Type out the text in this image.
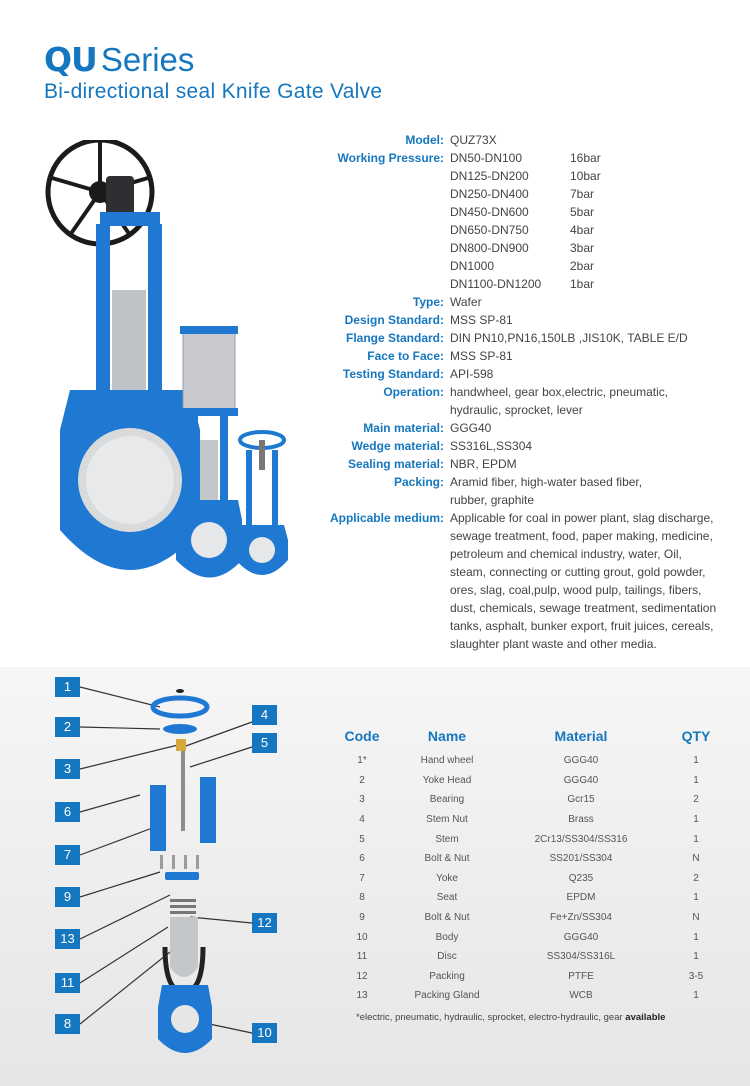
QU Series
Bi-directional seal Knife Gate Valve
Model: QUZ73X
Working Pressure: DN50-DN100	16bar
DN125-DN200	10bar
DN250-DN400	7bar
DN450-DN600	5bar
DN650-DN750	4bar
DN800-DN900	3bar
DN1000	2bar
DN1100-DN1200 1bar
Type: Wafer
Design Standard: MSS SP-81
Flange Standard: DIN PN10,PN16,150LB ,JIS10K, TABLE E/D
Face to Face: MSS SP-81
Testing Standard: API-598
Operation: handwheel, gear box,electric, pneumatic,
hydraulic, sprocket, lever
Main material: GGG40
Wedge material: SS316L,SS304
Sealing material: NBR, EPDM
Packing: Aramid fiber, high-water based fiber,
rubber, graphite
Applicable medium: Applicable for coal in power plant, slag discharge,
sewage treatment, food, paper making, medicine,
petroleum and chemical industry, water, Oil,
steam, connecting or cutting grout, gold powder,
ores, slag, coal,pulp, wood pulp, tailings, fibers,
dust, chemicals, sewage treatment, sedimentation
tanks, asphalt, bunker export, fruit juices, cereals,
slaughter plant waste and other media.
1
2
3
4
5
6
7
9
13
12
11
8
10
Code	Name	Material	QTY
1*	Hand wheel	GGG40	1
2	Yoke Head	GGG40	1
3	Bearing	Gcr15	2
4	Stem Nut	Brass	1
5	Stem	2Cr13/SS304/SS316	1
6	Bolt & Nut	SS201/SS304	N
7	Yoke	Q235	2
8	Seat	EPDM	1
9	Bolt & Nut	Fe+Zn/SS304	N
10	Body	GGG40	1
11	Disc	SS304/SS316L	1
12	Packing	PTFE	3-5
13	Packing Gland	WCB	1
*electric, pneumatic, hydraulic, sprocket, electro-hydraulic, gear available
